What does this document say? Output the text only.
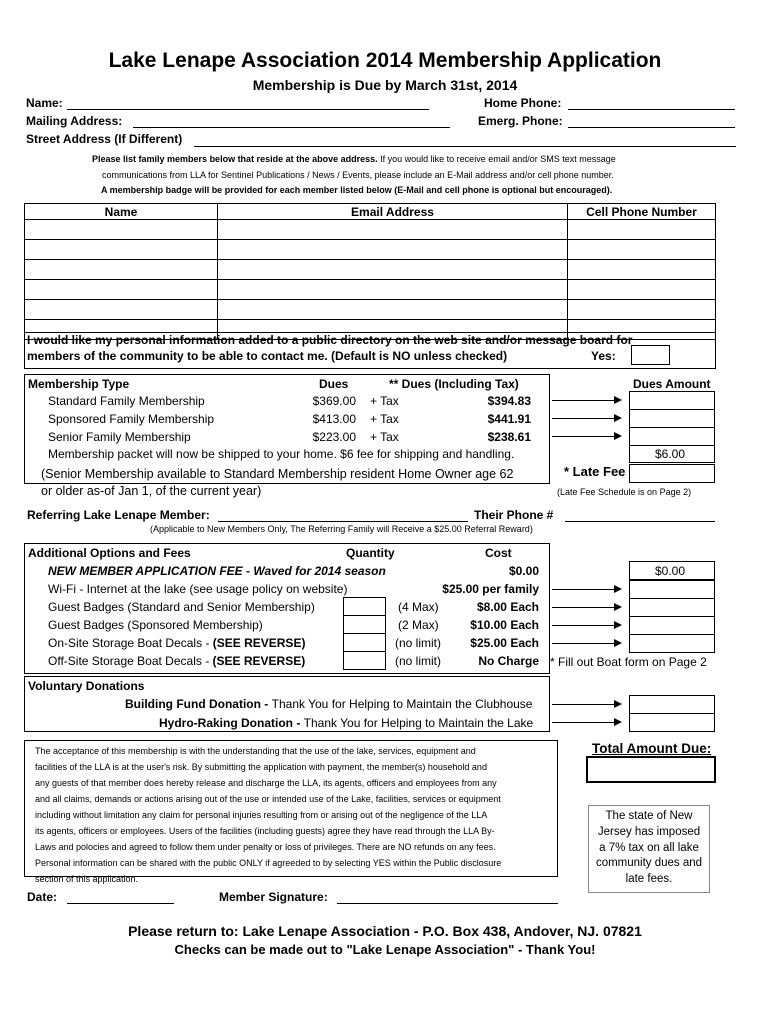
Lake Lenape Association 2014 Membership Application
Membership is Due by March 31st, 2014
Name:
Mailing Address:
Street Address (If Different)
Home Phone:
Emerg. Phone:
Please list family members below that reside at the above address. If you would like to receive email and/or SMS text message
communications from LLA for Sentinel Publications / News / Events, please include an E-Mail address and/or cell phone number.
A membership badge will be provided for each member listed below (E-Mail and cell phone is optional but encouraged).
Name	Email Address	Cell Phone Number

I would like my personal information added to a public directory on the web site and/or message board for
members of the community to be able to contact me. (Default is NO unless checked)	Yes:
Membership Type	Dues	** Dues (Including Tax)	Dues Amount
Standard Family Membership	$369.00 + Tax	$394.83
Sponsored Family Membership	$413.00 + Tax	$441.91
Senior Family Membership	$223.00 + Tax	$238.61
Membership packet will now be shipped to your home. $6 fee for shipping and handling.
(Senior Membership available to Standard Membership resident Home Owner age 62
or older as-of Jan 1, of the current year)
$6.00
* Late Fee
(Late Fee Schedule is on Page 2)
Referring Lake Lenape Member:	Their Phone #
(Applicable to New Members Only, The Referring Family will Receive a $25.00 Referral Reward)
Additional Options and Fees	Quantity	Cost
NEW MEMBER APPLICATION FEE - Waved for 2014 season	$0.00
Wi-Fi - Internet at the lake (see usage policy on website)	$25.00 per family
Guest Badges (Standard and Senior Membership)	(4 Max)	$8.00 Each
Guest Badges (Sponsored Membership)	(2 Max)	$10.00 Each
On-Site Storage Boat Decals - (SEE REVERSE)	(no limit)	$25.00 Each
Off-Site Storage Boat Decals - (SEE REVERSE)	(no limit)	No Charge
$0.00
* Fill out Boat form on Page 2
Voluntary Donations
Building Fund Donation - Thank You for Helping to Maintain the Clubhouse
Hydro-Raking Donation - Thank You for Helping to Maintain the Lake
The acceptance of this membership is with the understanding that the use of the lake, services, equipment and
facilities of the LLA is at the user's risk. By submitting the application with payment, the member(s) household and
any guests of that member does hereby release and discharge the LLA, its agents, officers and employees from any
and all claims, demands or actions arising out of the use or intended use of the Lake, facilities, services or equipment
including without limitation any claim for personal injuries resulting from or arising out of the negligence of the LLA
its agents, officers or employees. Users of the facilities (including guests) agree they have read through the LLA By-
Laws and polocies and agreed to follow them under penalty or loss of privileges. There are NO refunds on any fees.
Personal information can be shared with the public ONLY if agreeded to by selecting YES within the Public disclosure
section of this application.
Total Amount Due:
The state of New
Jersey has imposed
a 7% tax on all lake
community dues and
late fees.
Date:	Member Signature:
Please return to: Lake Lenape Association - P.O. Box 438, Andover, NJ. 07821
Checks can be made out to "Lake Lenape Association" - Thank You!
